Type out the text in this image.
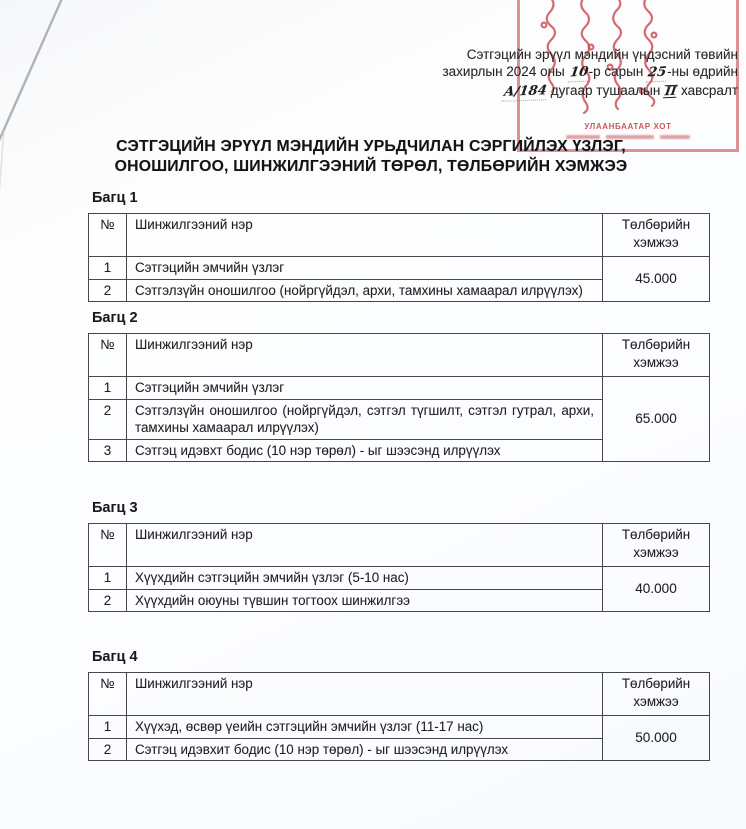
УЛААНБААТАР ХОТ
Сэтгэцийн эрүүл мэндийн үндэсний төвийн
захирлын 2024 оны 10-р сарын 25-ны өдрийн
А/184 дугаар тушаалын II хавсралт
СЭТГЭЦИЙН ЭРҮҮЛ МЭНДИЙН УРЬДЧИЛАН СЭРГИЙЛЭХ ҮЗЛЭГ,
ОНОШИЛГОО, ШИНЖИЛГЭЭНИЙ ТӨРӨЛ, ТӨЛБӨРИЙН ХЭМЖЭЭ
Багц 1
№	Шинжилгээний нэр	Төлбөрийн
хэмжээ

1	Сэтгэцийн эмчийн үзлэг	45.000
2	Сэтгэлзүйн оношилгоо (нойргүйдэл, архи, тамхины хамаарал илрүүлэх)	
Багц 2
№	Шинжилгээний нэр	Төлбөрийн
хэмжээ

1	Сэтгэцийн эмчийн үзлэг	65.000
2	Сэтгэлзүйн оношилгоо (нойргүйдэл, сэтгэл түгшилт, сэтгэл гутрал, архи, тамхины хамаарал илрүүлэх)	
3	Сэтгэц идэвхт бодис (10 нэр төрөл) - ыг шээсэнд илрүүлэх	
Багц 3
№	Шинжилгээний нэр	Төлбөрийн
хэмжээ

1	Хүүхдийн сэтгэцийн эмчийн үзлэг (5-10 нас)	40.000
2	Хүүхдийн оюуны түвшин тогтоох шинжилгээ	
Багц 4
№	Шинжилгээний нэр	Төлбөрийн
хэмжээ

1	Хүүхэд, өсвөр үеийн сэтгэцийн эмчийн үзлэг (11-17 нас)	50.000
2	Сэтгэц идэвхит бодис (10 нэр төрөл) - ыг шээсэнд илрүүлэх	
